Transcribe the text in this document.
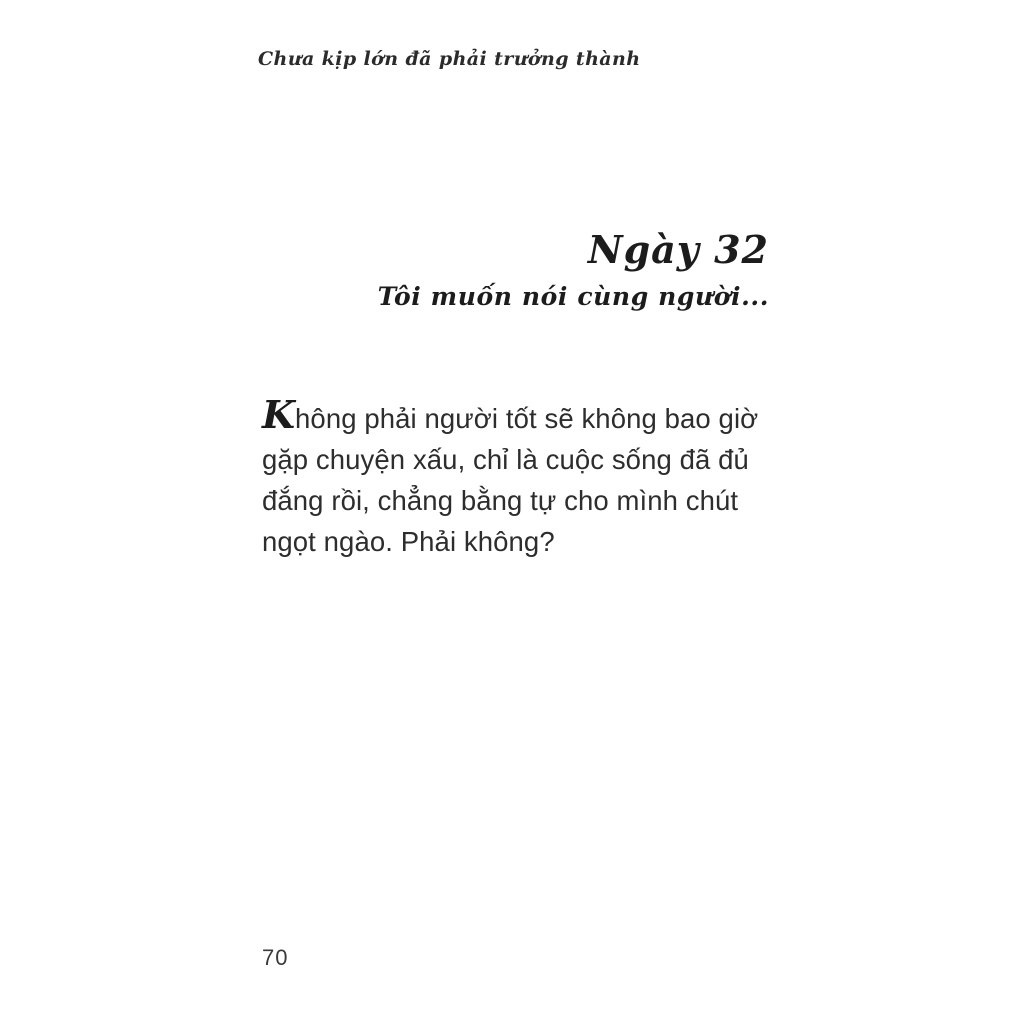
Chưa kịp lớn đã phải trưởng thành
Ngày 32
Tôi muốn nói cùng người...

Không phải người tốt sẽ không bao giờ gặp chuyện xấu, chỉ là cuộc sống đã đủ đắng rồi, chẳng bằng tự cho mình chút ngọt ngào. Phải không?

70
